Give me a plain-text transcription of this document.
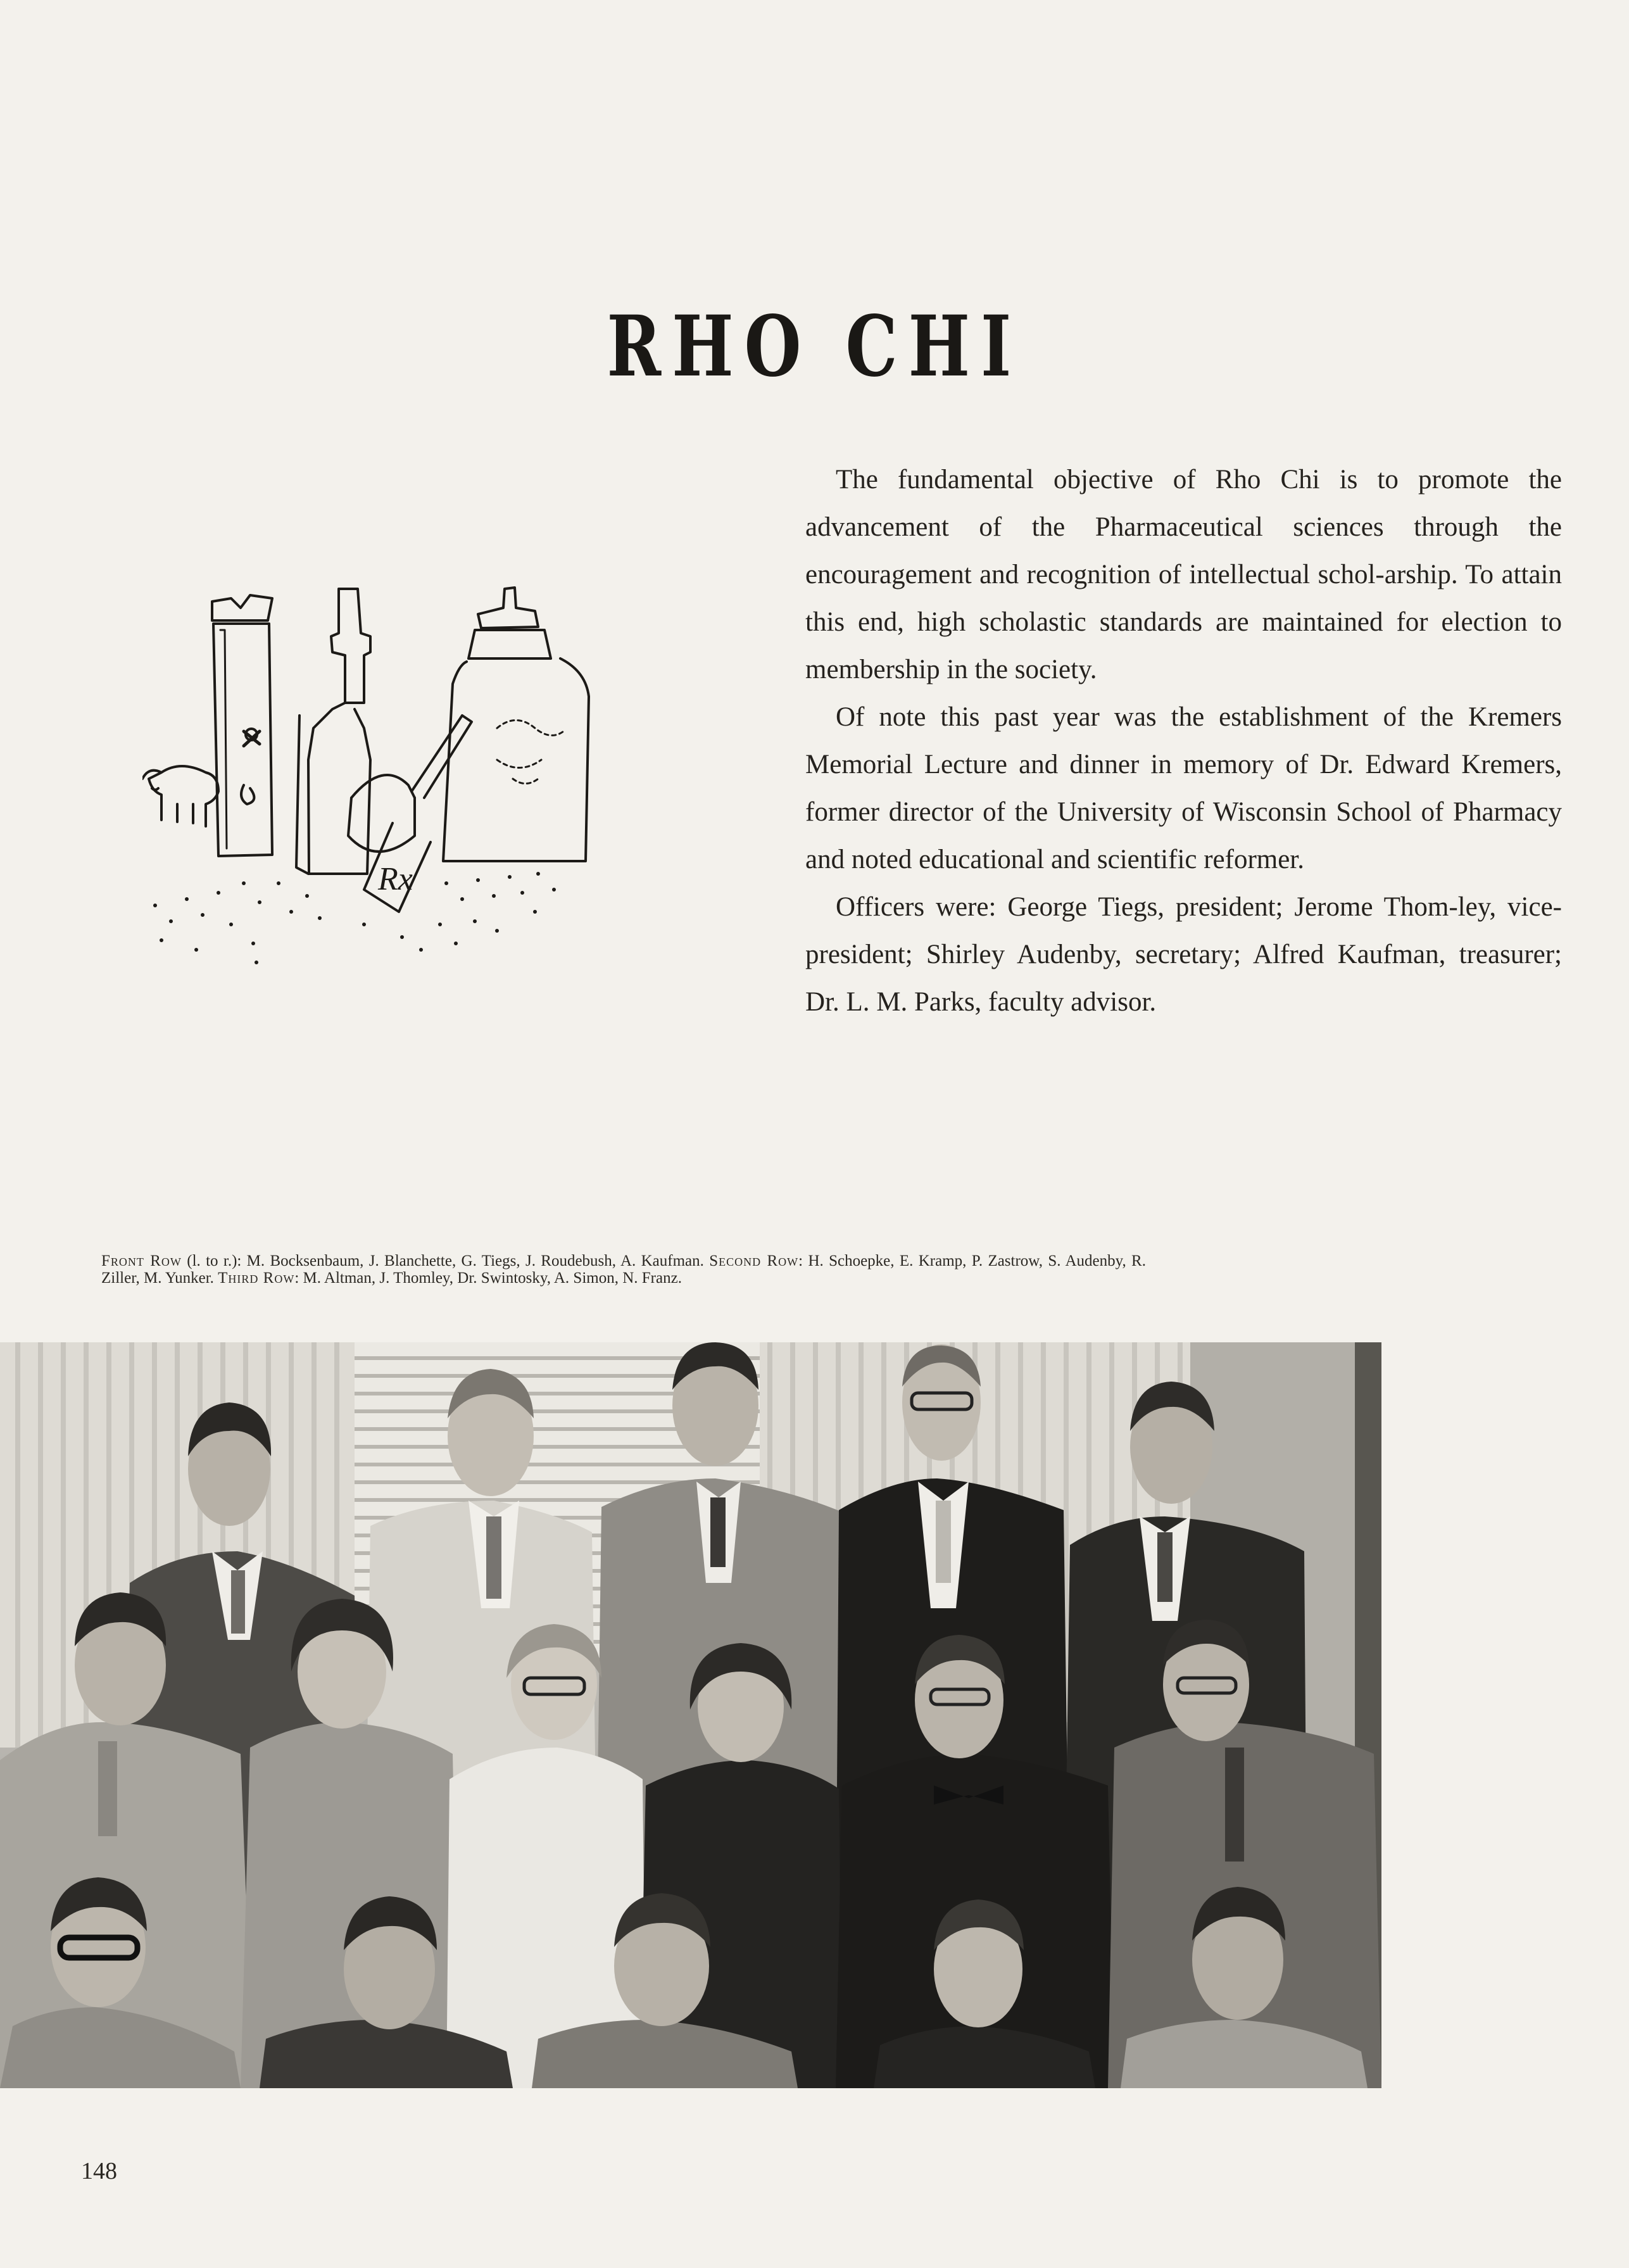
RHO CHI
Rx

The fundamental objective of Rho Chi is to promote the advancement of the Pharmaceutical sciences through the encouragement and recognition of intellectual schol-arship. To attain this end, high scholastic standards are maintained for election to membership in the society.

Of note this past year was the establishment of the Kremers Memorial Lecture and dinner in memory of Dr. Edward Kremers, former director of the University of Wisconsin School of Pharmacy and noted educational and scientific reformer.

Officers were: George Tiegs, president; Jerome Thom-ley, vice-president; Shirley Audenby, secretary; Alfred Kaufman, treasurer; Dr. L. M. Parks, faculty advisor.

Front Row (l. to r.): M. Bocksenbaum, J. Blanchette, G. Tiegs, J. Roudebush, A. Kaufman. Second Row: H. Schoepke, E. Kramp, P. Zastrow, S. Audenby, R. Ziller, M. Yunker. Third Row: M. Altman, J. Thomley, Dr. Swintosky, A. Simon, N. Franz.
148
